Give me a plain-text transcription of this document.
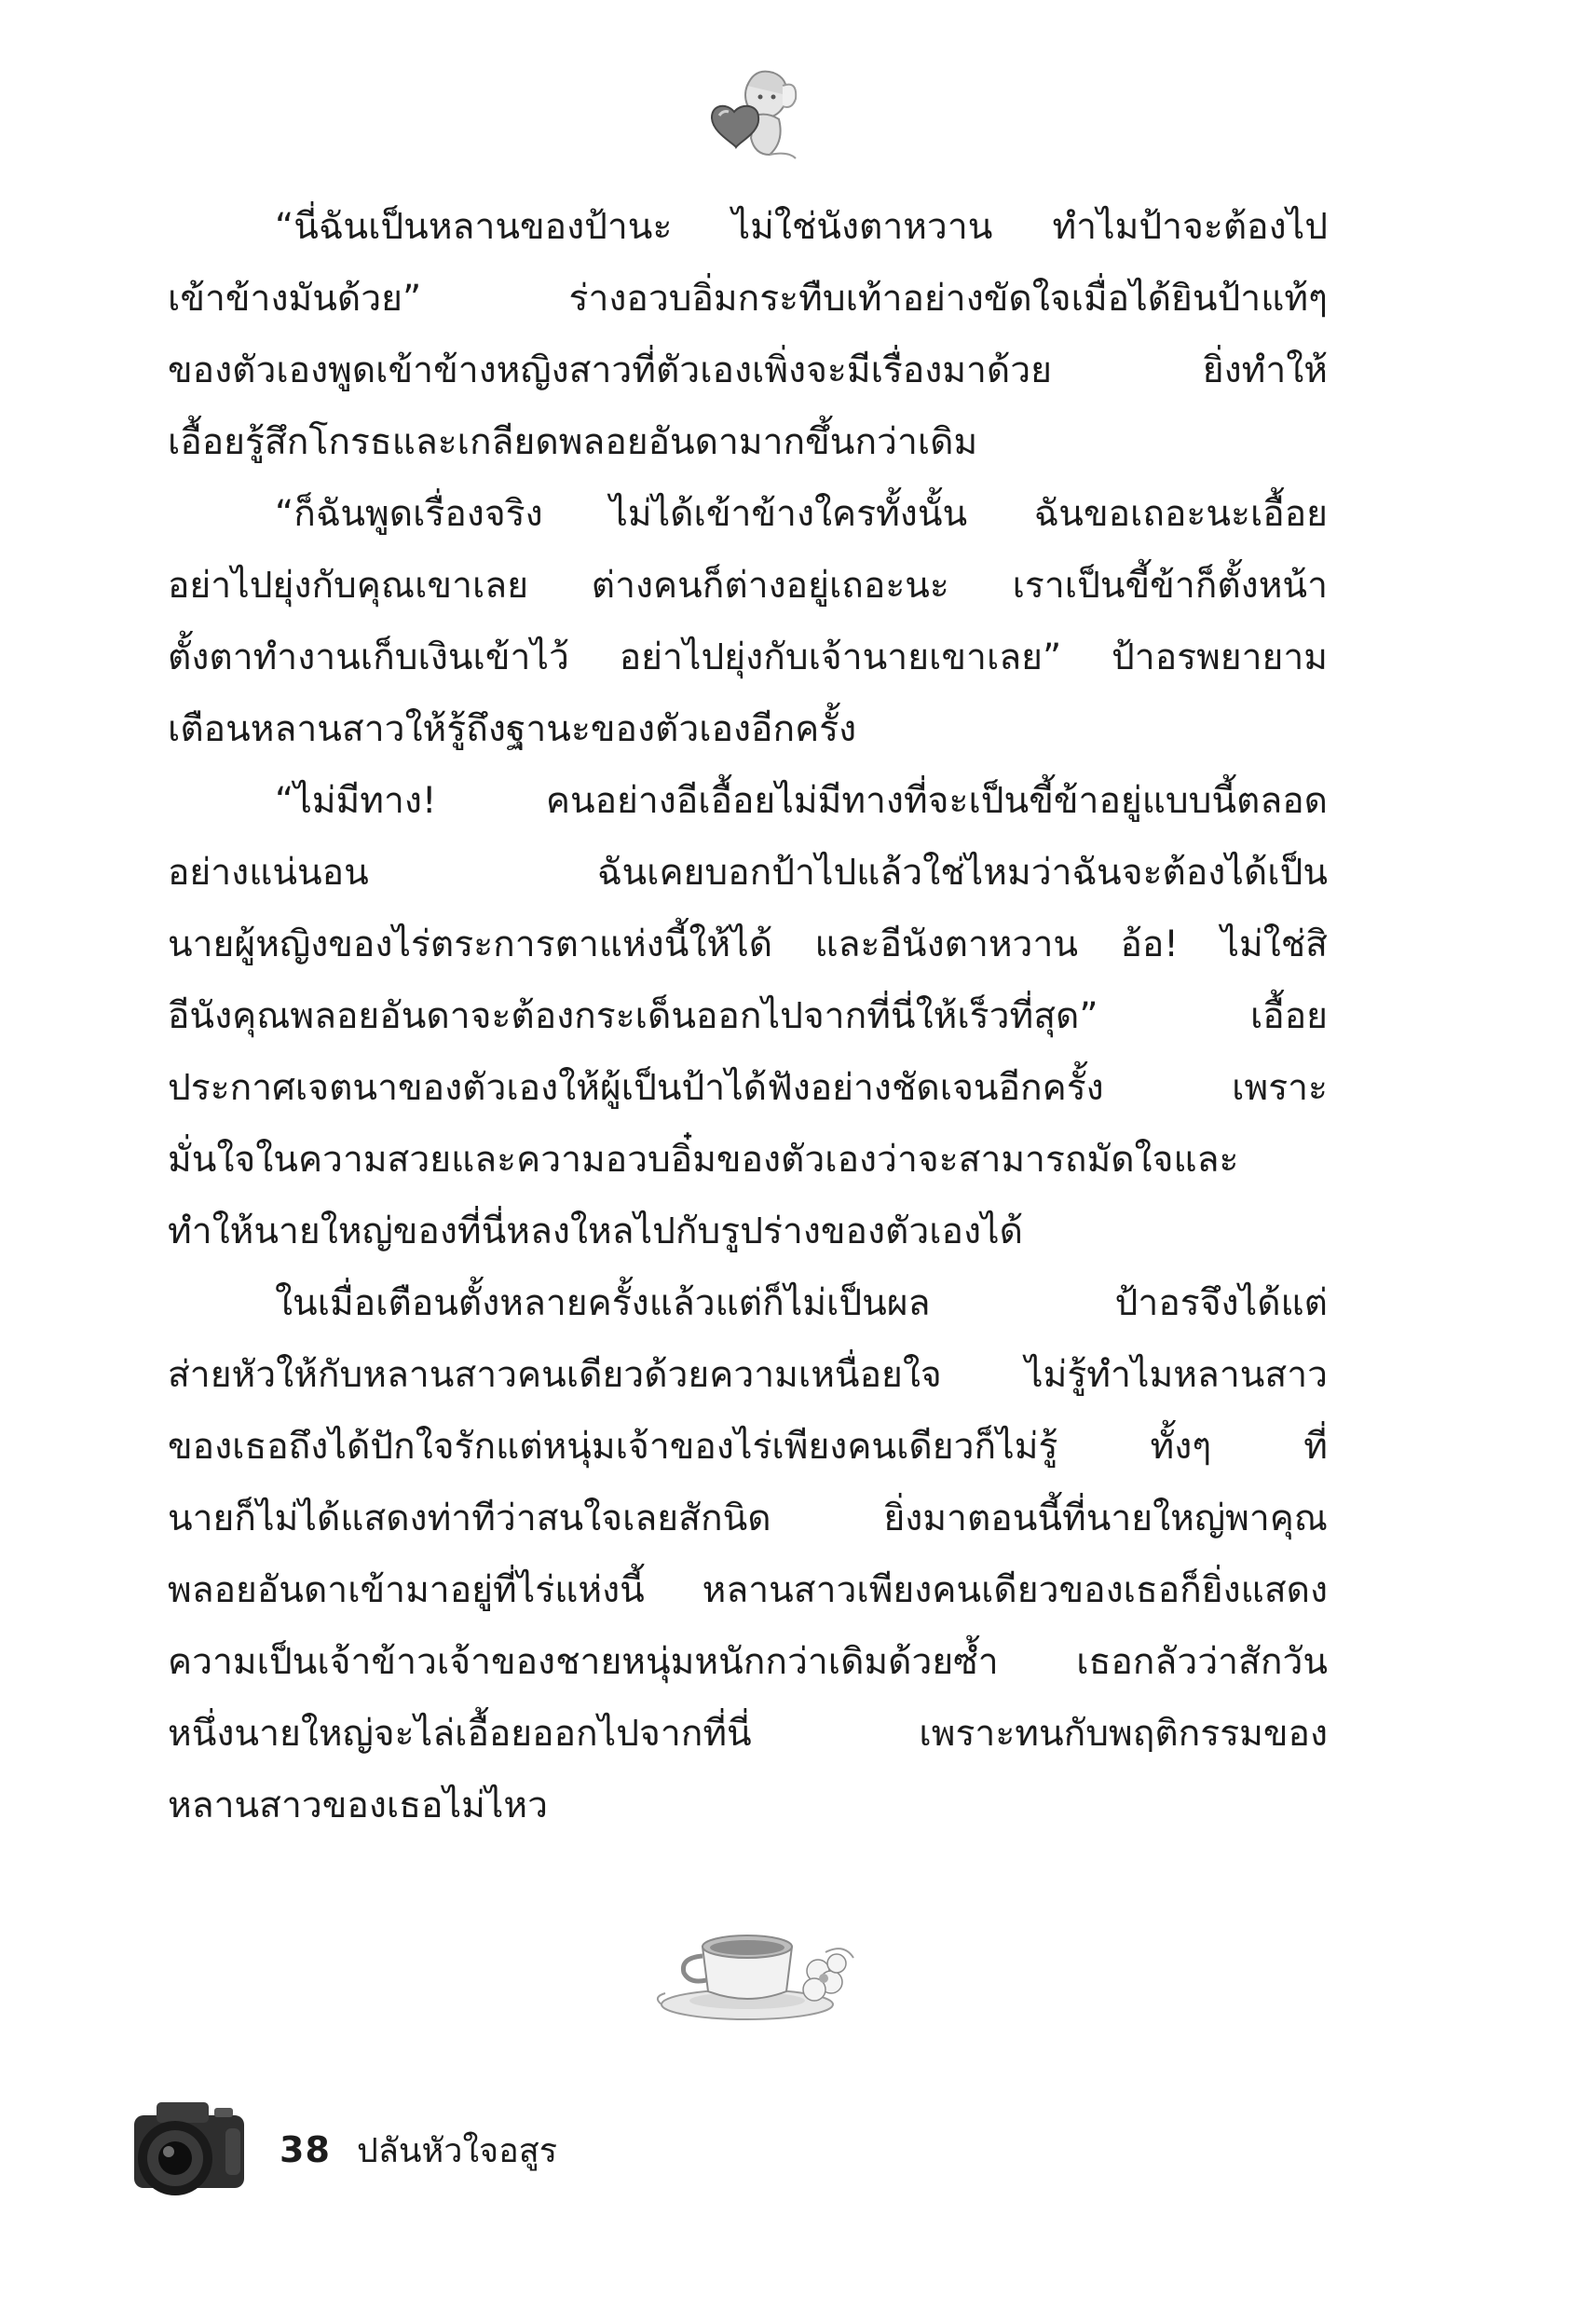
“นี่ฉันเป็นหลานของป้านะ ไม่ใช่นังตาหวาน ทำไมป้าจะต้องไป
เข้าข้างมันด้วย” ร่างอวบอิ่มกระทืบเท้าอย่างขัดใจเมื่อได้ยินป้าแท้ๆ
ของตัวเองพูดเข้าข้างหญิงสาวที่ตัวเองเพิ่งจะมีเรื่องมาด้วย ยิ่งทำให้
เอื้อยรู้สึกโกรธและเกลียดพลอยอันดามากขึ้นกว่าเดิม
“ก็ฉันพูดเรื่องจริง ไม่ได้เข้าข้างใครทั้งนั้น ฉันขอเถอะนะเอื้อย
อย่าไปยุ่งกับคุณเขาเลย ต่างคนก็ต่างอยู่เถอะนะ เราเป็นขี้ข้าก็ตั้งหน้า
ตั้งตาทำงานเก็บเงินเข้าไว้ อย่าไปยุ่งกับเจ้านายเขาเลย” ป้าอรพยายาม
เตือนหลานสาวให้รู้ถึงฐานะของตัวเองอีกครั้ง
“ไม่มีทาง! คนอย่างอีเอื้อยไม่มีทางที่จะเป็นขี้ข้าอยู่แบบนี้ตลอด
อย่างแน่นอน ฉันเคยบอกป้าไปแล้วใช่ไหมว่าฉันจะต้องได้เป็น
นายผู้หญิงของไร่ตระการตาแห่งนี้ให้ได้ และอีนังตาหวาน อ้อ! ไม่ใช่สิ
อีนังคุณพลอยอันดาจะต้องกระเด็นออกไปจากที่นี่ให้เร็วที่สุด” เอื้อย
ประกาศเจตนาของตัวเองให้ผู้เป็นป้าได้ฟังอย่างชัดเจนอีกครั้ง เพราะ
มั่นใจในความสวยและความอวบอิ๋มของตัวเองว่าจะสามารถมัดใจและ
ทำให้นายใหญ่ของที่นี่หลงใหลไปกับรูปร่างของตัวเองได้
ในเมื่อเตือนตั้งหลายครั้งแล้วแต่ก็ไม่เป็นผล ป้าอรจึงได้แต่
ส่ายหัวให้กับหลานสาวคนเดียวด้วยความเหนื่อยใจ ไม่รู้ทำไมหลานสาว
ของเธอถึงได้ปักใจรักแต่หนุ่มเจ้าของไร่เพียงคนเดียวก็ไม่รู้ ทั้งๆ ที่
นายก็ไม่ได้แสดงท่าทีว่าสนใจเลยสักนิด ยิ่งมาตอนนี้ที่นายใหญ่พาคุณ
พลอยอันดาเข้ามาอยู่ที่ไร่แห่งนี้ หลานสาวเพียงคนเดียวของเธอก็ยิ่งแสดง
ความเป็นเจ้าข้าวเจ้าของชายหนุ่มหนักกว่าเดิมด้วยซ้ำ เธอกลัวว่าสักวัน
หนึ่งนายใหญ่จะไล่เอื้อยออกไปจากที่นี่ เพราะทนกับพฤติกรรมของ
หลานสาวของเธอไม่ไหว
38 ปลันหัวใจอสูร
